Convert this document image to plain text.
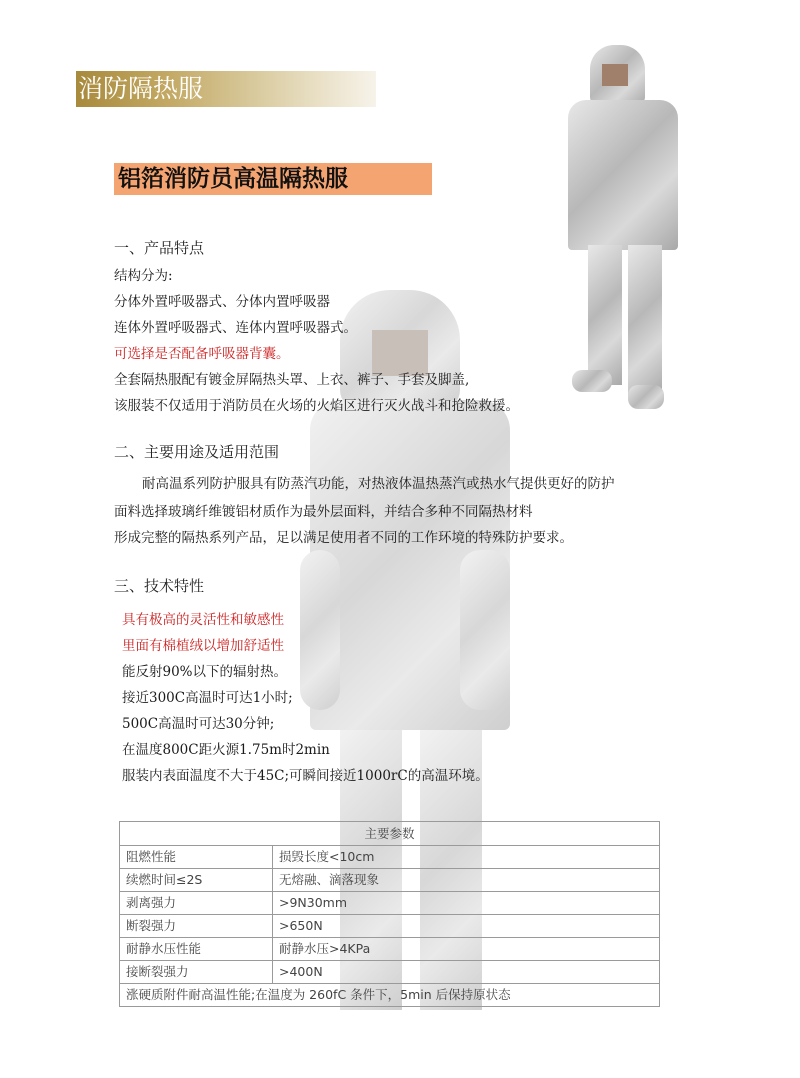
消防隔热服
铝箔消防员高温隔热服
一、产品特点
结构分为:
分体外置呼吸器式、分体内置呼吸器
连体外置呼吸器式、连体内置呼吸器式。
可选择是否配备呼吸器背囊。
全套隔热服配有镀金屏隔热头罩、上衣、裤子、手套及脚盖,
该服装不仅适用于消防员在火场的火焰区进行灭火战斗和抢险救援。
二、主要用途及适用范围
耐高温系列防护服具有防蒸汽功能，对热液体温热蒸汽或热水气提供更好的防护
面料选择玻璃纤维镀铝材质作为最外层面料，并结合多种不同隔热材料
形成完整的隔热系列产品，足以满足使用者不同的工作环境的特殊防护要求。
三、技术特性
具有极高的灵活性和敏感性
里面有棉植绒以增加舒适性
能反射90%以下的辐射热。
接近300C高温时可达1小时;
500C高温时可达30分钟;
在温度800C距火源1.75m时2min
服装内表面温度不大于45C;可瞬间接近1000rC的高温环境。
主要参数	
阻燃性能	损毁长度<10cm
续燃时间≤2S	无熔融、滴落现象
剥离强力	>9N30mm
断裂强力	>650N
耐静水压性能	耐静水压>4KPa
接断裂强力	>400N
涨硬质附件耐高温性能;在温度为 260fC 条件下，5min 后保持原状态	
